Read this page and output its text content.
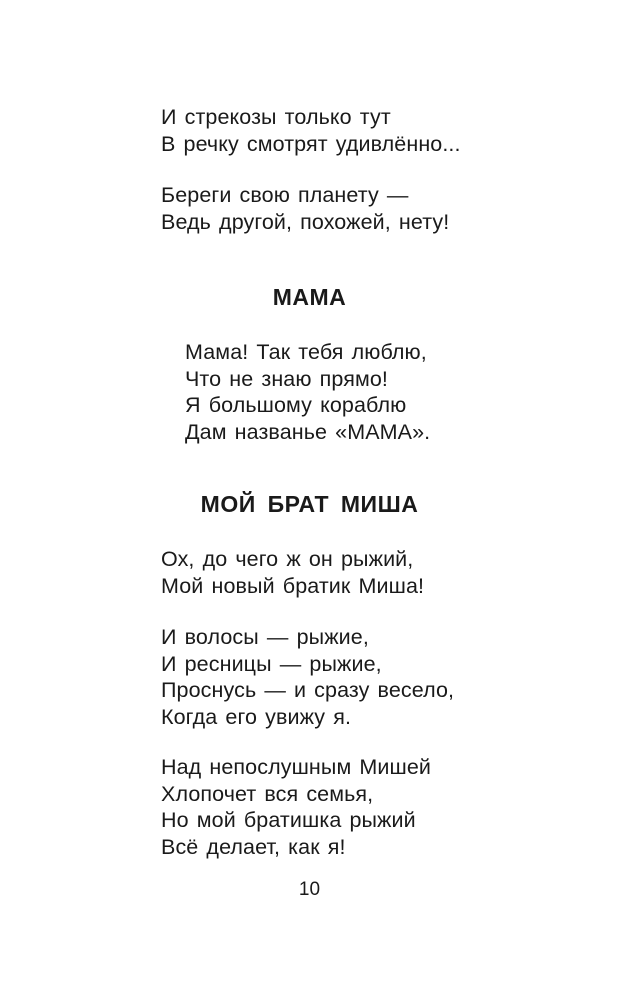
И стрекозы только тут
В речку смотрят удивлённо...
Береги свою планету —
Ведь другой, похожей, нету!
МАМА
Мама! Так тебя люблю,
Что не знаю прямо!
Я большому кораблю
Дам названье «МАМА».
МОЙ БРАТ МИША
Ох, до чего ж он рыжий,
Мой новый братик Миша!
И волосы — рыжие,
И ресницы — рыжие,
Проснусь — и сразу весело,
Когда его увижу я.
Над непослушным Мишей
Хлопочет вся семья,
Но мой братишка рыжий
Всё делает, как я!
10
